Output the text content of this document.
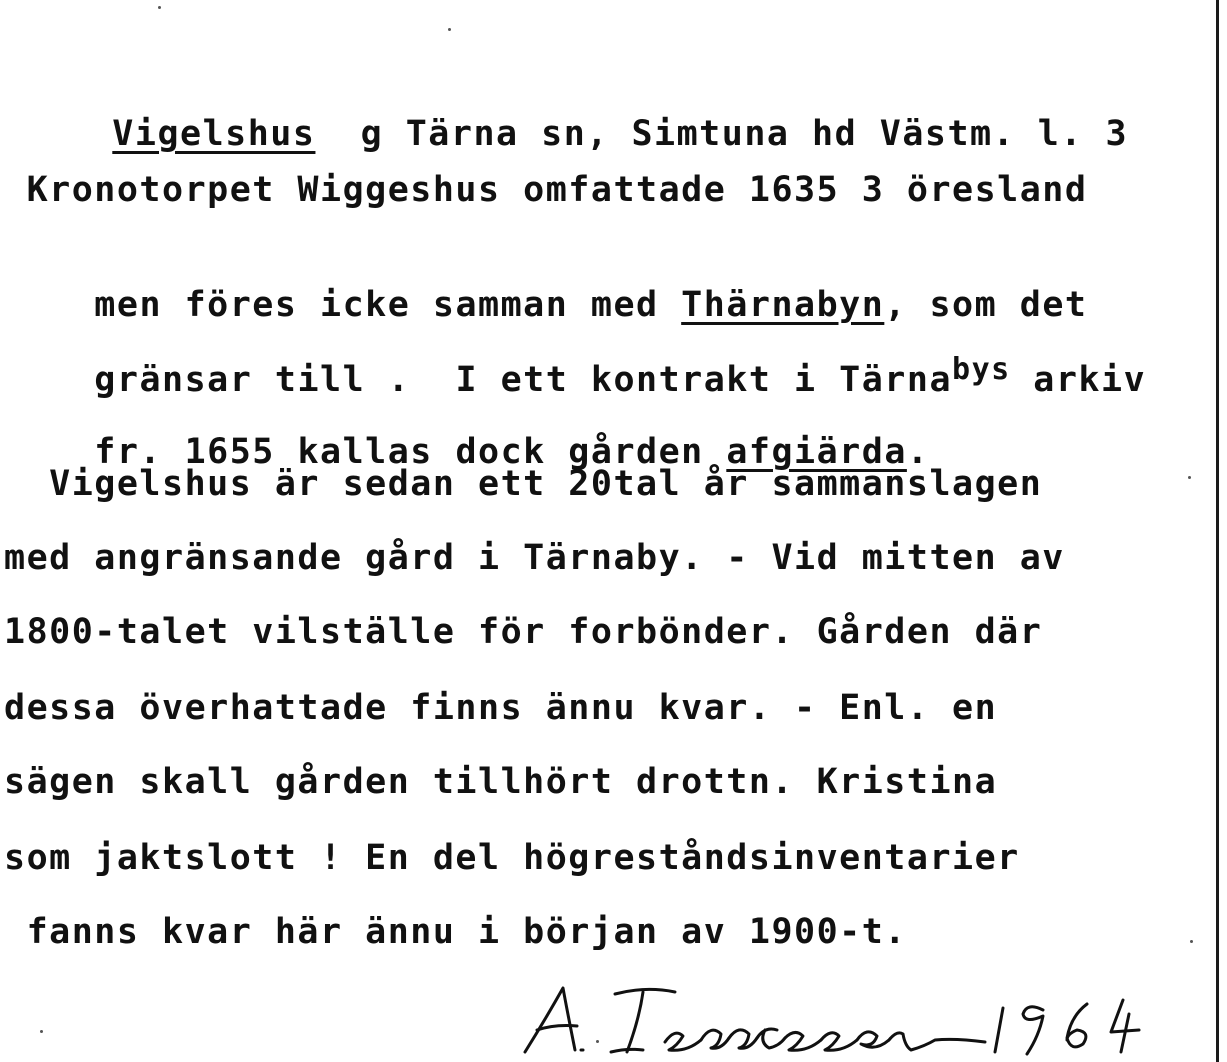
Vigelshus  g Tärna sn, Simtuna hd Västm. l. 3

Kronotorpet Wiggeshus omfattade 1635 3 öresland

men föres icke samman med Thärnabyn, som det

gränsar till .  I ett kontrakt i Tärnabys arkiv

fr. 1655 kallas dock gården afgiärda.

Vigelshus är sedan ett 20tal år sammanslagen
med angränsande gård i Tärnaby. - Vid mitten av
1800-talet vilställe för forbönder. Gården där
dessa överhattade finns ännu kvar. - Enl. en
sägen skall gården tillhört drottn. Kristina
som jaktslott ! En del högreståndsinventarier
fanns kvar här ännu i början av 1900-t.
